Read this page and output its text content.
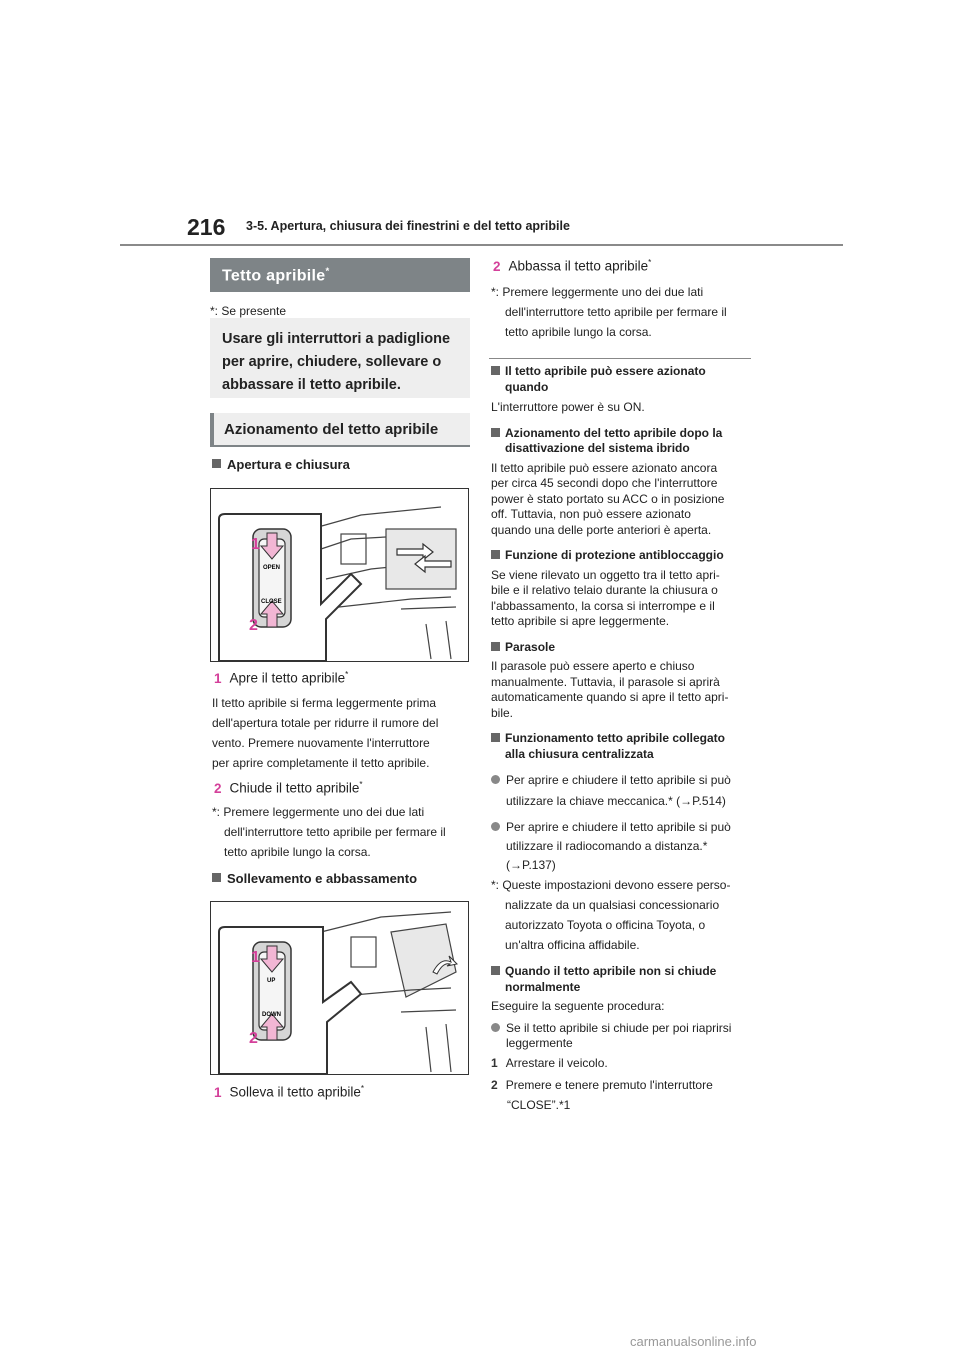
216 3-5. Apertura, chiusura dei finestrini e del tetto apribile
Tetto apribile*
*: Se presente
Usare gli interruttori a padiglione
per aprire, chiudere, sollevare o
abbassare il tetto apribile.
Azionamento del tetto apribile
Apertura e chiusura
OPEN
CLOSE
1
2
1 Apre il tetto apribile*
Il tetto apribile si ferma leggermente prima
dell'apertura totale per ridurre il rumore del
vento. Premere nuovamente l'interruttore
per aprire completamente il tetto apribile.
2 Chiude il tetto apribile*
*: Premere leggermente uno dei due lati
dell'interruttore tetto apribile per fermare il
tetto apribile lungo la corsa.
Sollevamento e abbassamento
UP
DOWN
1
2
1 Solleva il tetto apribile*
2 Abbassa il tetto apribile*
*: Premere leggermente uno dei due lati
dell'interruttore tetto apribile per fermare il
tetto apribile lungo la corsa.
Il tetto apribile può essere azionato
quando
L'interruttore power è su ON.
Azionamento del tetto apribile dopo la
disattivazione del sistema ibrido
Il tetto apribile può essere azionato ancora
per circa 45 secondi dopo che l'interruttore
power è stato portato su ACC o in posizione
off. Tuttavia, non può essere azionato
quando una delle porte anteriori è aperta.
Funzione di protezione antibloccaggio
Se viene rilevato un oggetto tra il tetto apri-
bile e il relativo telaio durante la chiusura o
l'abbassamento, la corsa si interrompe e il
tetto apribile si apre leggermente.
Parasole
Il parasole può essere aperto e chiuso
manualmente. Tuttavia, il parasole si aprirà
automaticamente quando si apre il tetto apri-
bile.
Funzionamento tetto apribile collegato
alla chiusura centralizzata
Per aprire e chiudere il tetto apribile si può
utilizzare la chiave meccanica.* (→P.514)
Per aprire e chiudere il tetto apribile si può
utilizzare il radiocomando a distanza.*
(→P.137)
*: Queste impostazioni devono essere perso-
nalizzate da un qualsiasi concessionario
autorizzato Toyota o officina Toyota, o
un'altra officina affidabile.
Quando il tetto apribile non si chiude
normalmente
Eseguire la seguente procedura:
Se il tetto apribile si chiude per poi riaprirsi
leggermente
1 Arrestare il veicolo.
2 Premere e tenere premuto l'interruttore
“CLOSE”.*1
carmanualsonline.info
